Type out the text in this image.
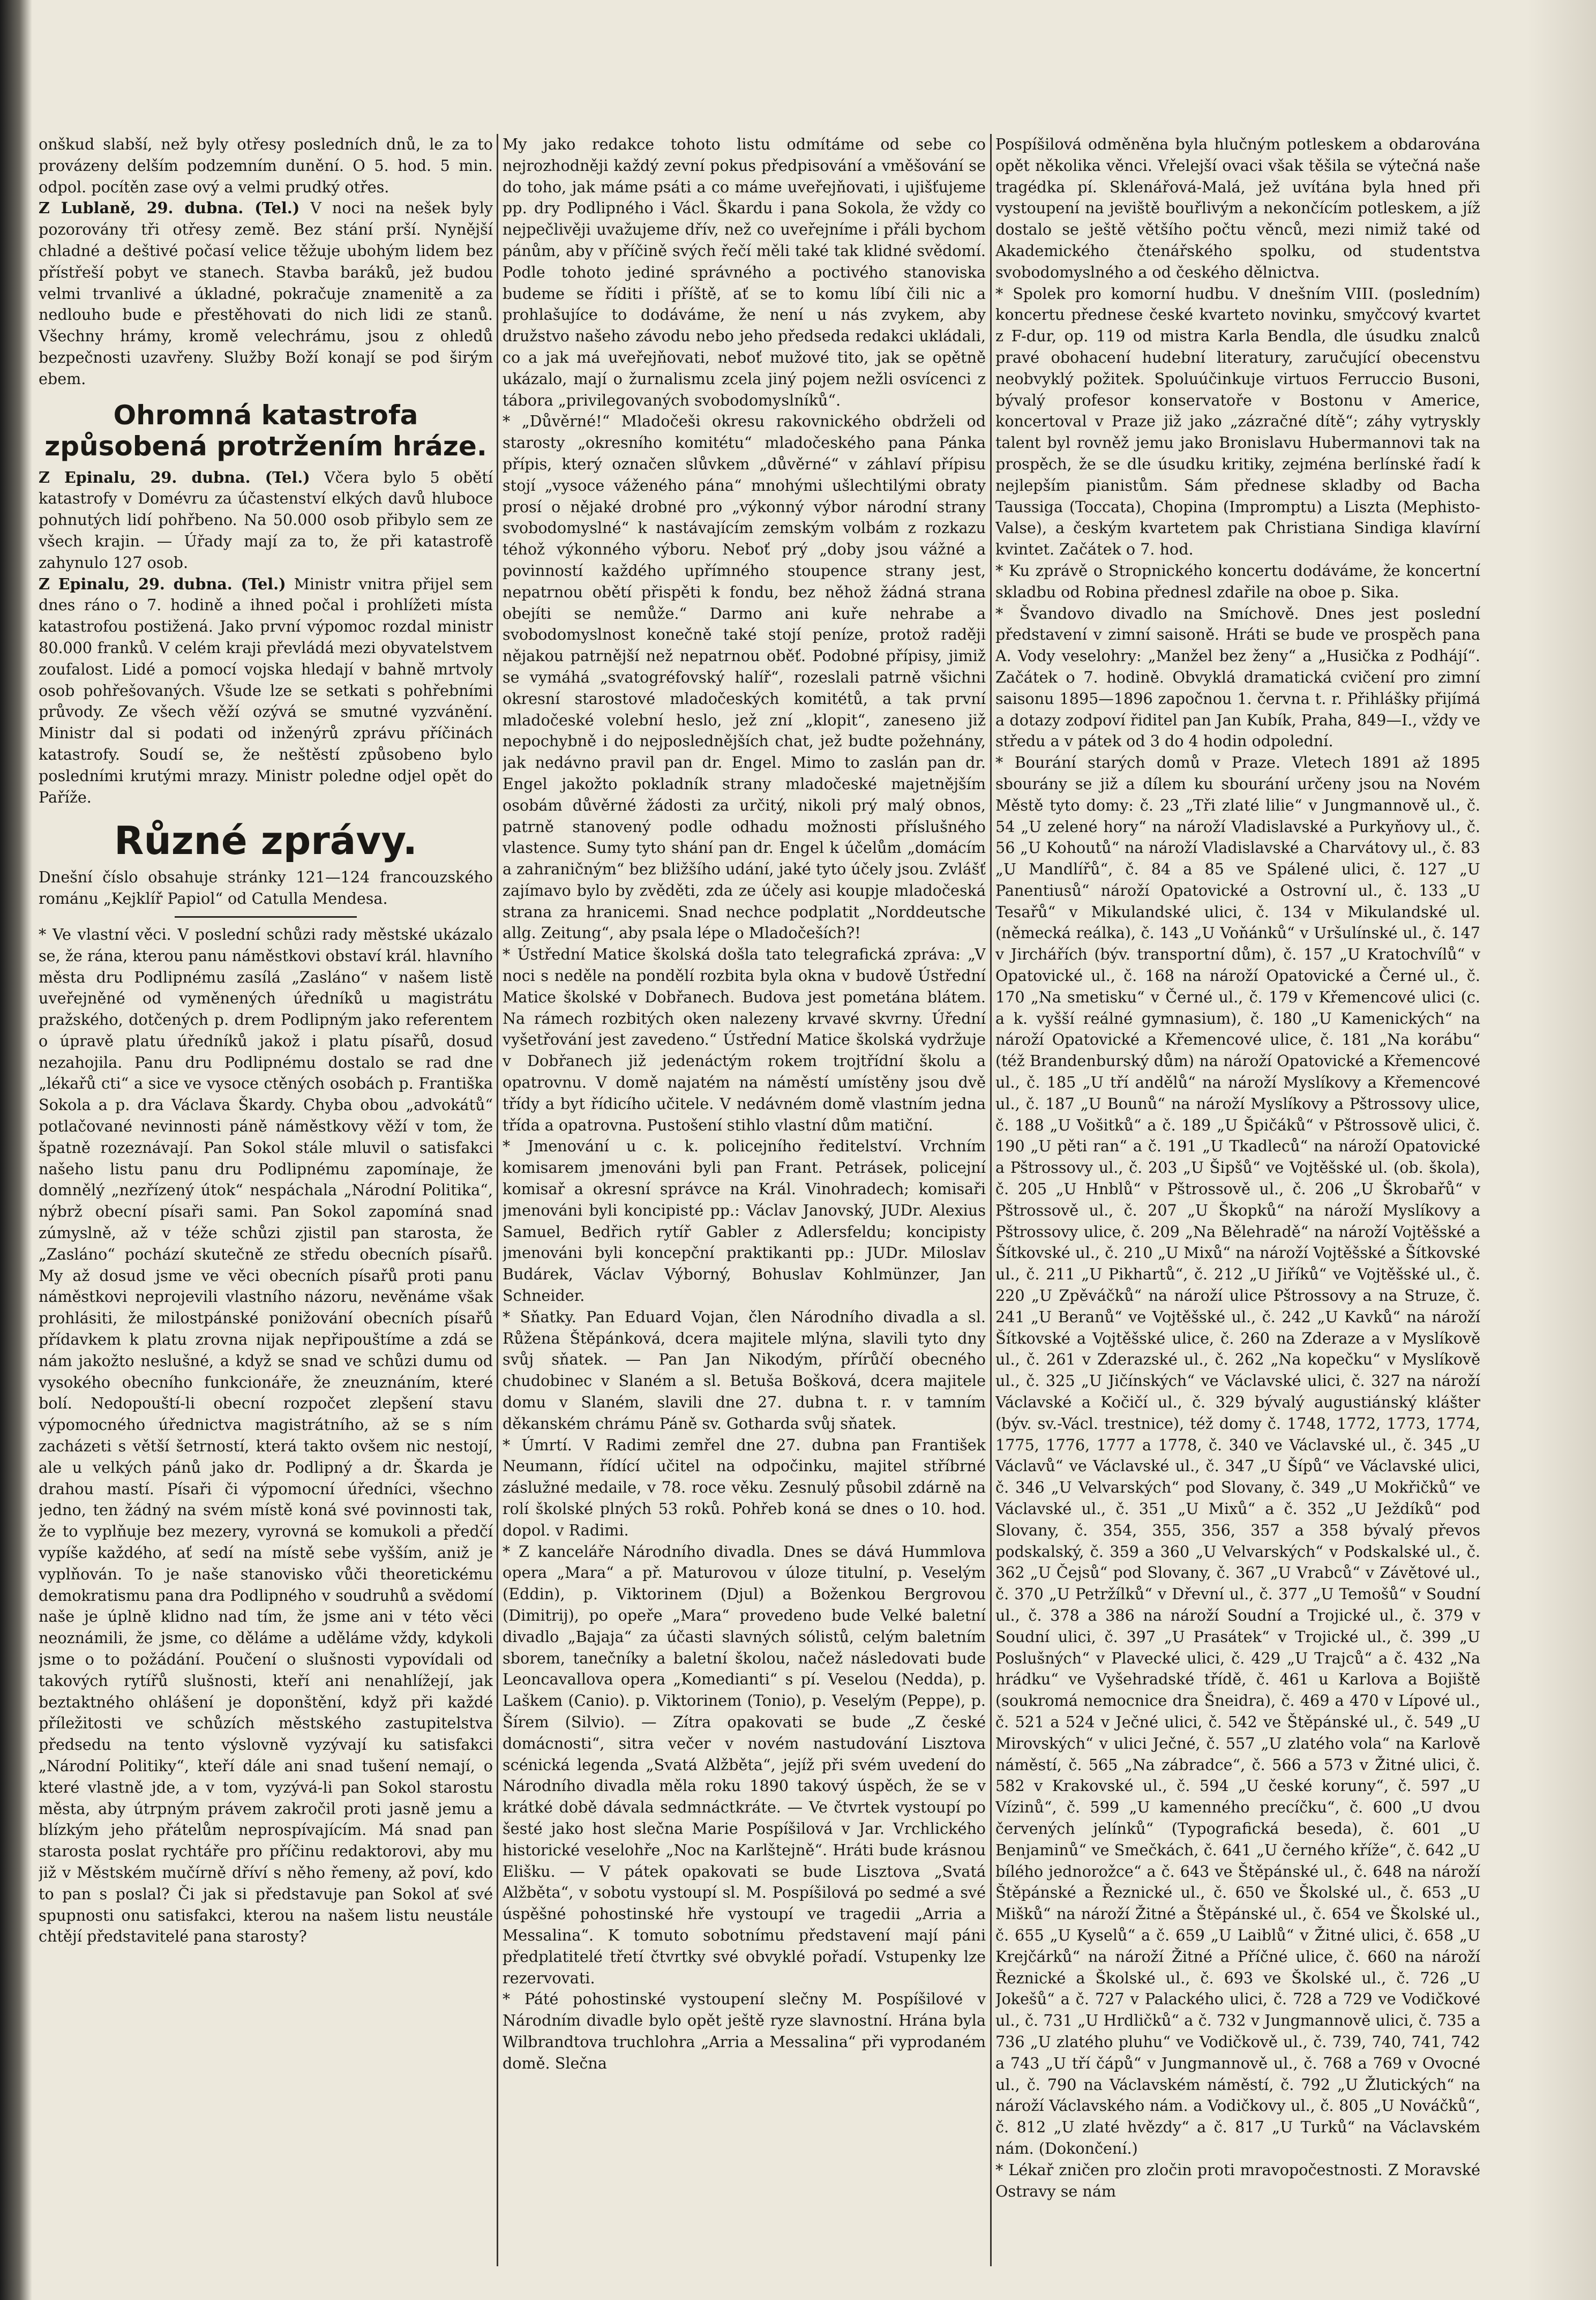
onškud slabší, než byly otřesy posledních dnů, le za to provázeny delším podzemním dunění. O 5. hod. 5 min. odpol. pocítěn zase ový a velmi prudký otřes.

Z Lublaně, 29. dubna. (Tel.) V noci na nešek byly pozorovány tři otřesy země. Bez stání prší. Nynější chladné a deštivé počasí velice těžuje ubohým lidem bez přístřeší pobyt ve stanech. Stavba baráků, jež budou velmi trvanlivé a úkladné, pokračuje znamenitě a za nedlouho bude e přestěhovati do nich lidi ze stanů. Všechny hrámy, kromě velechrámu, jsou z ohledů bezpečnosti uzavřeny. Služby Boží konají se pod širým ebem.

Ohromná katastrofa způsobená protržením hráze.

Z Epinalu, 29. dubna. (Tel.) Včera bylo 5 obětí katastrofy v Domévru za účastenství elkých davů hluboce pohnutých lidí pohřbeno. Na 50.000 osob přibylo sem ze všech krajin. — Úřady mají za to, že při katastrofě zahynulo 127 osob.

Z Epinalu, 29. dubna. (Tel.) Ministr vnitra přijel sem dnes ráno o 7. hodině a ihned počal i prohlížeti místa katastrofou postižená. Jako první výpomoc rozdal ministr 80.000 franků. V celém kraji převládá mezi obyvatelstvem zoufalost. Lidé a pomocí vojska hledají v bahně mrtvoly osob pohřešovaných. Všude lze se setkati s pohřebními průvody. Ze všech věží ozývá se smutné vyzvánění. Ministr dal si podati od inženýrů zprávu příčinách katastrofy. Soudí se, že neštěstí způsobeno bylo posledními krutými mrazy. Ministr poledne odjel opět do Paříže.

Různé zprávy.

Dnešní číslo obsahuje stránky 121—124 francouzského románu „Kejklíř Papiol“ od Catulla Mendesa.

* Ve vlastní věci. V poslední schůzi rady městské ukázalo se, že rána, kterou panu náměstkovi obstaví král. hlavního města dru Podlipnému zasílá „Zasláno“ v našem listě uveřejněné od vyměnených úředníků u magistrátu pražského, dotčených p. drem Podlipným jako referentem o úpravě platu úředníků jakož i platu písařů, dosud nezahojila. Panu dru Podlipnému dostalo se rad dne „lékařů cti“ a sice ve vysoce ctěných osobách p. Františka Sokola a p. dra Václava Škardy. Chyba obou „advokátů“ potlačované nevinnosti páně náměstkovy věží v tom, že špatně rozeznávají. Pan Sokol stále mluvil o satisfakci našeho listu panu dru Podlipnému zapomínaje, že domnělý „nezřízený útok“ nespáchala „Národní Politika“, nýbrž obecní písaři sami. Pan Sokol zapomíná snad zúmyslně, až v téže schůzi zjistil pan starosta, že „Zasláno“ pochází skutečně ze středu obecních písařů. My až dosud jsme ve věci obecních písařů proti panu náměstkovi neprojevili vlastního názoru, nevěnáme však prohlásiti, že milostpánské ponižování obecních písařů přídavkem k platu zrovna nijak nepřipouštíme a zdá se nám jakožto neslušné, a když se snad ve schůzi dumu od vysokého obecního funkcionáře, že zneuznáním, které bolí. Nedopouští-li obecní rozpočet zlepšení stavu výpomocného úřednictva magistrátního, až se s ním zacházeti s větší šetrností, která takto ovšem nic nestojí, ale u velkých pánů jako dr. Podlipný a dr. Škarda je drahou mastí. Písaři či výpomocní úředníci, všechno jedno, ten žádný na svém místě koná své povinnosti tak, že to vyplňuje bez mezery, vyrovná se komukoli a předčí vypíše každého, ať sedí na místě sebe vyšším, aniž je vyplňován. To je naše stanovisko vůči theoretickému demokratismu pana dra Podlipného v soudruhů a svědomí naše je úplně klidno nad tím, že jsme ani v této věci neoznámili, že jsme, co děláme a uděláme vždy, kdykoli jsme o to požádání. Poučení o slušnosti vypovídali od takových rytířů slušnosti, kteří ani nenahlížejí, jak beztaktného ohlášení je doponštění, když při každé příležitosti ve schůzích městského zastupitelstva předsedu na tento výslovně vyzývají ku satisfakci „Národní Politiky“, kteří dále ani snad tušení nemají, o které vlastně jde, a v tom, vyzývá-li pan Sokol starostu města, aby útrpným právem zakročil proti jasně jemu a blízkým jeho přátelům neprospívajícím. Má snad pan starosta poslat rychtáře pro příčinu redaktorovi, aby mu již v Městském mučírně dříví s něho řemeny, až poví, kdo to pan s poslal? Či jak si představuje pan Sokol ať své spupnosti onu satisfakci, kterou na našem listu neustále chtějí představitelé pana starosty?

My jako redakce tohoto listu odmítáme od sebe co nejrozhodněji každý zevní pokus předpisování a vměšování se do toho, jak máme psáti a co máme uveřejňovati, i ujišťujeme pp. dry Podlipného i Václ. Škardu i pana Sokola, že vždy co nejpečlivěji uvažujeme dřív, než co uveřejníme i přáli bychom pánům, aby v příčině svých řečí měli také tak klidné svědomí. Podle tohoto jediné správného a poctivého stanoviska budeme se říditi i příště, ať se to komu líbí čili nic a prohlašujíce to dodáváme, že není u nás zvykem, aby družstvo našeho závodu nebo jeho předseda redakci ukládali, co a jak má uveřejňovati, neboť mužové tito, jak se opětně ukázalo, mají o žurnalismu zcela jiný pojem nežli osvícenci z tábora „privilegovaných svobodomyslníků“.

* „Důvěrné!“ Mladočeši okresu rakovnického obdrželi od starosty „okresního komitétu“ mladočeského pana Pánka přípis, který označen slůvkem „důvěrné“ v záhlaví přípisu stojí „vysoce váženého pána“ mnohými ušlechtilými obraty prosí o nějaké drobné pro „výkonný výbor národní strany svobodomyslné“ k nastávajícím zemským volbám z rozkazu téhož výkonného výboru. Neboť prý „doby jsou vážné a povinností každého upřímného stoupence strany jest, nepatrnou obětí přispěti k fondu, bez něhož žádná strana obejíti se nemůže.“ Darmo ani kuře nehrabe a svobodomyslnost konečně také stojí peníze, protož raději nějakou patrnější než nepatrnou oběť. Podobné přípisy, jimiž se vymáhá „svatogréfovský halíř“, rozeslali patrně všichni okresní starostové mladočeských komitétů, a tak první mladočeské volební heslo, jež zní „klopit“, zaneseno již nepochybně i do nejposlednějších chat, jež budte požehnány, jak nedávno pravil pan dr. Engel. Mimo to zaslán pan dr. Engel jakožto pokladník strany mladočeské majetnějším osobám důvěrné žádosti za určitý, nikoli prý malý obnos, patrně stanovený podle odhadu možnosti příslušného vlastence. Sumy tyto shání pan dr. Engel k účelům „domácím a zahraničným“ bez bližšího udání, jaké tyto účely jsou. Zvlášť zajímavo bylo by zvěděti, zda ze účely asi koupje mladočeská strana za hranicemi. Snad nechce podplatit „Norddeutsche allg. Zeitung“, aby psala lépe o Mladočeších?!

* Ústřední Matice školská došla tato telegrafická zpráva: „V noci s neděle na pondělí rozbita byla okna v budově Ústřední Matice školské v Dobřanech. Budova jest pometána blátem. Na rámech rozbitých oken nalezeny krvavé skvrny. Úřední vyšetřování jest zavedeno.“ Ústřední Matice školská vydržuje v Dobřanech již jedenáctým rokem trojtřídní školu a opatrovnu. V domě najatém na náměstí umístěny jsou dvě třídy a byt řídicího učitele. V nedávném domě vlastním jedna třída a opatrovna. Pustošení stihlo vlastní dům matiční.

* Jmenování u c. k. policejního ředitelství. Vrchním komisarem jmenováni byli pan Frant. Petrásek, policejní komisař a okresní správce na Král. Vinohradech; komisaři jmenováni byli koncipisté pp.: Václav Janovský, JUDr. Alexius Samuel, Bedřich rytíř Gabler z Adlersfeldu; koncipisty jmenováni byli koncepční praktikanti pp.: JUDr. Miloslav Budárek, Václav Výborný, Bohuslav Kohlmünzer, Jan Schneider.

* Sňatky. Pan Eduard Vojan, člen Národního divadla a sl. Růžena Štěpánková, dcera majitele mlýna, slavili tyto dny svůj sňatek. — Pan Jan Nikodým, přírůčí obecného chudobinec v Slaném a sl. Betuša Bošková, dcera majitele domu v Slaném, slavili dne 27. dubna t. r. v tamním děkanském chrámu Páně sv. Gotharda svůj sňatek.

* Úmrtí. V Radimi zemřel dne 27. dubna pan František Neumann, řídící učitel na odpočinku, majitel stříbrné záslužné medaile, v 78. roce věku. Zesnulý působil zdárně na rolí školské plných 53 roků. Pohřeb koná se dnes o 10. hod. dopol. v Radimi.

* Z kanceláře Národního divadla. Dnes se dává Hummlova opera „Mara“ a př. Maturovou v úloze titulní, p. Veselým (Eddin), p. Viktorinem (Djul) a Boženkou Bergrovou (Dimitrij), po opeře „Mara“ provedeno bude Velké baletní divadlo „Bajaja“ za účasti slavných sólistů, celým baletním sborem, tanečníky a baletní školou, načež následovati bude Leoncavallova opera „Komedianti“ s pí. Veselou (Nedda), p. Laškem (Canio). p. Viktorinem (Tonio), p. Veselým (Peppe), p. Šírem (Silvio). — Zítra opakovati se bude „Z české domácnosti“, sitra večer v novém nastudování Lisztova scénická legenda „Svatá Alžběta“, jejíž při svém uvedení do Národního divadla měla roku 1890 takový úspěch, že se v krátké době dávala sedmnáctkráte. — Ve čtvrtek vystoupí po šesté jako host slečna Marie Pospíšilová v Jar. Vrchlického historické veselohře „Noc na Karlštejně“. Hráti bude krásnou Elišku. — V pátek opakovati se bude Lisztova „Svatá Alžběta“, v sobotu vystoupí sl. M. Pospíšilová po sedmé a své úspěšné pohostinské hře vystoupí ve tragedii „Arria a Messalina“. K tomuto sobotnímu představení mají páni předplatitelé třetí čtvrtky své obvyklé pořadí. Vstupenky lze rezervovati.

* Páté pohostinské vystoupení slečny M. Pospíšilové v Národním divadle bylo opět ještě ryze slavnostní. Hrána byla Wilbrandtova truchlohra „Arria a Messalina“ při vyprodaném domě. Slečna

Pospíšilová odměněna byla hlučným potleskem a obdarována opět několika věnci. Vřelejší ovaci však těšila se výtečná naše tragédka pí. Sklenářová-Malá, jež uvítána byla hned při vystoupení na jeviště bouřlivým a nekončícím potleskem, a jíž dostalo se ještě většího počtu věnců, mezi nimiž také od Akademického čtenářského spolku, od studentstva svobodomyslného a od českého dělnictva.

* Spolek pro komorní hudbu. V dnešním VIII. (posledním) koncertu přednese české kvarteto novinku, smyčcový kvartet z F-dur, op. 119 od mistra Karla Bendla, dle úsudku znalců pravé obohacení hudební literatury, zaručující obecenstvu neobvyklý požitek. Spoluúčinkuje virtuos Ferruccio Busoni, bývalý profesor konservatoře v Bostonu v Americe, koncertoval v Praze již jako „zázračné dítě“; záhy vytryskly talent byl rovněž jemu jako Bronislavu Hubermannovi tak na prospěch, že se dle úsudku kritiky, zejména berlínské řadí k nejlepším pianistům. Sám přednese skladby od Bacha Taussiga (Toccata), Chopina (Impromptu) a Liszta (Mephisto-Valse), a českým kvartetem pak Christiana Sindiga klavírní kvintet. Začátek o 7. hod.

* Ku zprávě o Stropnického koncertu dodáváme, že koncertní skladbu od Robina přednesl zdařile na oboe p. Sika.

* Švandovo divadlo na Smíchově. Dnes jest poslední představení v zimní saisoně. Hráti se bude ve prospěch pana A. Vody veselohry: „Manžel bez ženy“ a „Husička z Podhájí“. Začátek o 7. hodině. Obvyklá dramatická cvičení pro zimní saisonu 1895—1896 započnou 1. června t. r. Přihlášky přijímá a dotazy zodpoví řiditel pan Jan Kubík, Praha, 849—I., vždy ve středu a v pátek od 3 do 4 hodin odpolední.

* Bourání starých domů v Praze. Vletech 1891 až 1895 sbourány se již a dílem ku sbourání určeny jsou na Novém Městě tyto domy: č. 23 „Tři zlaté lilie“ v Jungmannově ul., č. 54 „U zelené hory“ na nároží Vladislavské a Purkyňovy ul., č. 56 „U Kohoutů“ na nároží Vladislavské a Charvátovy ul., č. 83 „U Mandlířů“, č. 84 a 85 ve Spálené ulici, č. 127 „U Panentiusů“ nároží Opatovické a Ostrovní ul., č. 133 „U Tesařů“ v Mikulandské ulici, č. 134 v Mikulandské ul. (německá reálka), č. 143 „U Voňánků“ v Uršulínské ul., č. 147 v Jirchářích (býv. transportní dům), č. 157 „U Kratochvílů“ v Opatovické ul., č. 168 na nároží Opatovické a Černé ul., č. 170 „Na smetisku“ v Černé ul., č. 179 v Křemencové ulici (c. a k. vyšší reálné gymnasium), č. 180 „U Kamenických“ na nároží Opatovické a Křemencové ulice, č. 181 „Na korábu“ (též Brandenburský dům) na nároží Opatovické a Křemencové ul., č. 185 „U tří andělů“ na nároží Myslíkovy a Křemencové ul., č. 187 „U Bounů“ na nároží Myslíkovy a Pštrossovy ulice, č. 188 „U Vošitků“ a č. 189 „U Špičáků“ v Pštrossově ulici, č. 190 „U pěti ran“ a č. 191 „U Tkadleců“ na nároží Opatovické a Pštrossovy ul., č. 203 „U Šipšů“ ve Vojtěšské ul. (ob. škola), č. 205 „U Hnblů“ v Pštrossově ul., č. 206 „U Škrobařů“ v Pštrossově ul., č. 207 „U Škopků“ na nároží Myslíkovy a Pštrossovy ulice, č. 209 „Na Bělehradě“ na nároží Vojtěšské a Šítkovské ul., č. 210 „U Mixů“ na nároží Vojtěšské a Šítkovské ul., č. 211 „U Pikhartů“, č. 212 „U Jiříků“ ve Vojtěšské ul., č. 220 „U Zpěváčků“ na nároží ulice Pštrossovy a na Struze, č. 241 „U Beranů“ ve Vojtěšské ul., č. 242 „U Kavků“ na nároží Šítkovské a Vojtěšské ulice, č. 260 na Zderaze a v Myslíkově ul., č. 261 v Zderazské ul., č. 262 „Na kopečku“ v Myslíkově ul., č. 325 „U Jičínských“ ve Václavské ulici, č. 327 na nároží Václavské a Kočičí ul., č. 329 bývalý augustiánský klášter (býv. sv.-Václ. trestnice), též domy č. 1748, 1772, 1773, 1774, 1775, 1776, 1777 a 1778, č. 340 ve Václavské ul., č. 345 „U Václavů“ ve Václavské ul., č. 347 „U Šípů“ ve Václavské ulici, č. 346 „U Velvarských“ pod Slovany, č. 349 „U Mokřičků“ ve Václavské ul., č. 351 „U Mixů“ a č. 352 „U Ježdíků“ pod Slovany, č. 354, 355, 356, 357 a 358 bývalý převos podskalský, č. 359 a 360 „U Velvarských“ v Podskalské ul., č. 362 „U Čejsů“ pod Slovany, č. 367 „U Vrabců“ v Závětové ul., č. 370 „U Petržílků“ v Dřevní ul., č. 377 „U Temošů“ v Soudní ul., č. 378 a 386 na nároží Soudní a Trojické ul., č. 379 v Soudní ulici, č. 397 „U Prasátek“ v Trojické ul., č. 399 „U Poslušných“ v Plavecké ulici, č. 429 „U Trajců“ a č. 432 „Na hrádku“ ve Vyšehradské třídě, č. 461 u Karlova a Bojiště (soukromá nemocnice dra Šneidra), č. 469 a 470 v Lípové ul., č. 521 a 524 v Ječné ulici, č. 542 ve Štěpánské ul., č. 549 „U Mirovských“ v ulici Ječné, č. 557 „U zlatého vola“ na Karlově náměstí, č. 565 „Na zábradce“, č. 566 a 573 v Žitné ulici, č. 582 v Krakovské ul., č. 594 „U české koruny“, č. 597 „U Vízinů“, č. 599 „U kamenného precíčku“, č. 600 „U dvou červených jelínků“ (Typografická beseda), č. 601 „U Benjaminů“ ve Smečkách, č. 641 „U černého kříže“, č. 642 „U bílého jednorožce“ a č. 643 ve Štěpánské ul., č. 648 na nároží Štěpánské a Řeznické ul., č. 650 ve Školské ul., č. 653 „U Mišků“ na nároží Žitné a Štěpánské ul., č. 654 ve Školské ul., č. 655 „U Kyselů“ a č. 659 „U Laiblů“ v Žitné ulici, č. 658 „U Krejčárků“ na nároží Žitné a Příčné ulice, č. 660 na nároží Řeznické a Školské ul., č. 693 ve Školské ul., č. 726 „U Jokešů“ a č. 727 v Palackého ulici, č. 728 a 729 ve Vodičkové ul., č. 731 „U Hrdličků“ a č. 732 v Jungmannově ulici, č. 735 a 736 „U zlatého pluhu“ ve Vodičkově ul., č. 739, 740, 741, 742 a 743 „U tří čápů“ v Jungmannově ul., č. 768 a 769 v Ovocné ul., č. 790 na Václavském náměstí, č. 792 „U Žlutických“ na nároží Václavského nám. a Vodičkovy ul., č. 805 „U Nováčků“, č. 812 „U zlaté hvězdy“ a č. 817 „U Turků“ na Václavském nám. (Dokončení.)

* Lékař zničen pro zločin proti mravopočestnosti. Z Moravské Ostravy se nám
